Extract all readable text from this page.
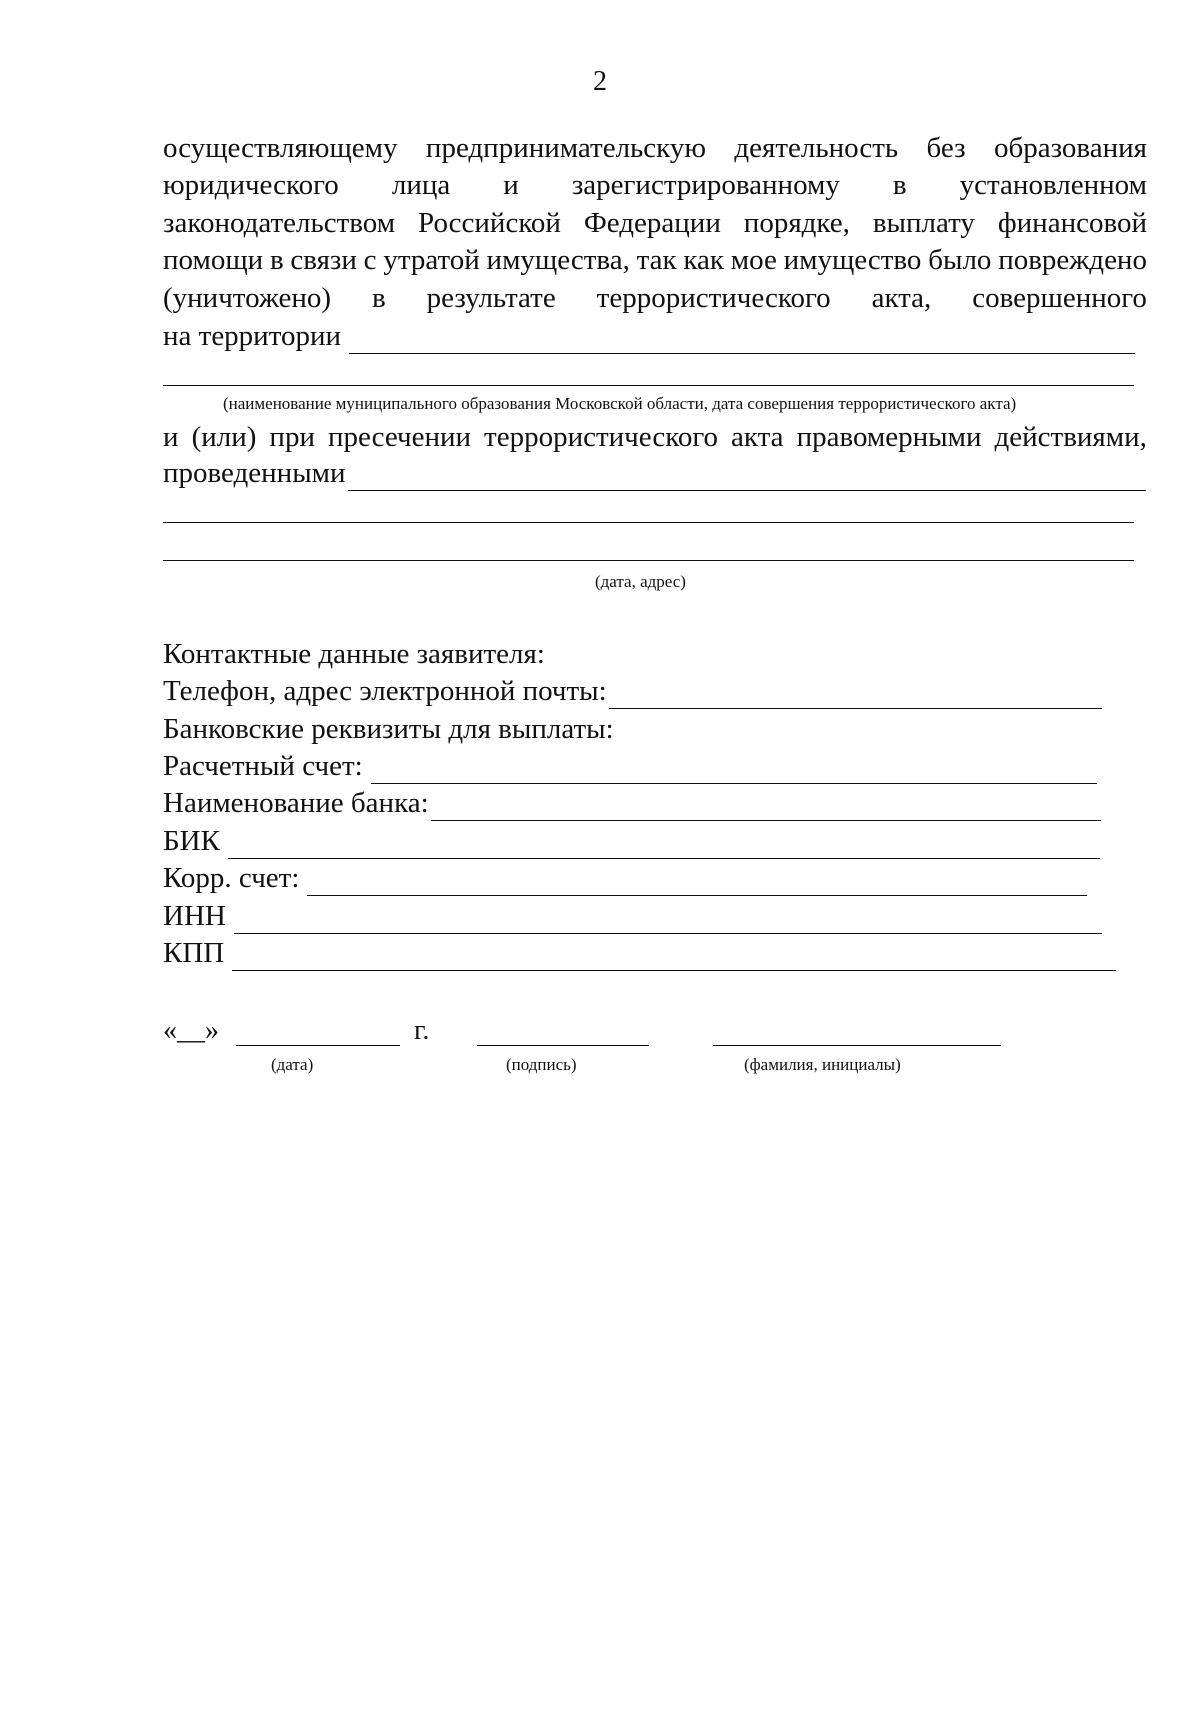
2
осуществляющему предпринимательскую деятельность без образования
юридического лица и зарегистрированному в установленном
законодательством Российской Федерации порядке, выплату финансовой
помощи в связи с утратой имущества, так как мое имущество было повреждено
(уничтожено) в результате террористического акта, совершенного
на территории
(наименование муниципального образования Московской области, дата совершения террористического акта)
и (или) при пресечении террористического акта правомерными действиями,
проведенными
(дата, адрес)
Контактные данные заявителя:
Телефон, адрес электронной почты:
Банковские реквизиты для выплаты:
Расчетный счет:
Наименование банка:
БИК
Корр. счет:
ИНН
КПП
«__»	г.
(дата)	(подпись)	(фамилия, инициалы)
